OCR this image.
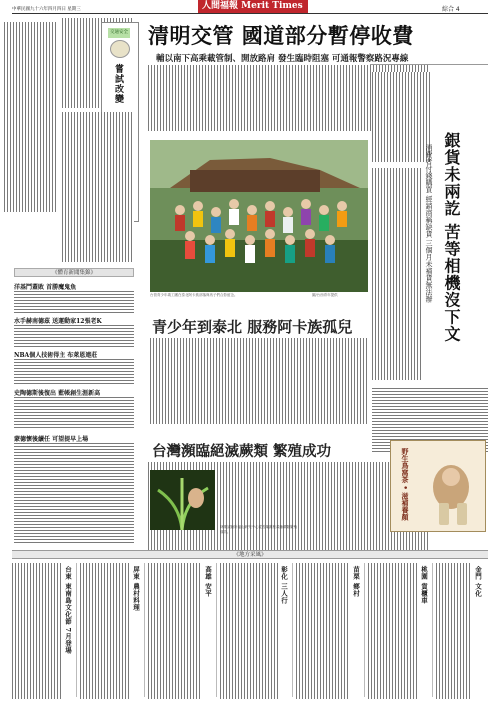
中華民國九十六年四月四日 星期三	人間福報 Merit Times	綜合 4
交通安全
嘗試改變
《體育新聞集錦》
洋基鬥蓋敗 首勝魔鬼魚
水手赫南德茲 送運動家12張老K
NBA個人技術得主 布萊恩連莊
史陶德斯後復出 藍帳創生涯新高
蒙德懷後續任 可望提早上場
清明交管 國道部分暫停收費
輔以南下高乘載管制、開放路肩 發生臨時阻塞 可通報警察路況專線
台管青少年義工團在泰北阿卡族部落與孩子們合影留念。	圖/台西青年提供
青少年到泰北 服務阿卡族孤兒
台灣瀕臨絕滅蕨類 繁殖成功
林業試驗所福山研究中心從長葉麗松黃藤蕨類繁殖成功。
銀貨未兩訖 苦等相機沒下文
消費者付錢購買 經銷商稱缺貨 三個月未補貨無法辦
野生鳥窩茶 • 滋補養顏
《地方采風》
台東 東南島文化節 7月登場	屏東 農村料理	高雄 安平	彰化 三人行	苗栗 鄉村	桃園 貨櫃車	金門 文化
